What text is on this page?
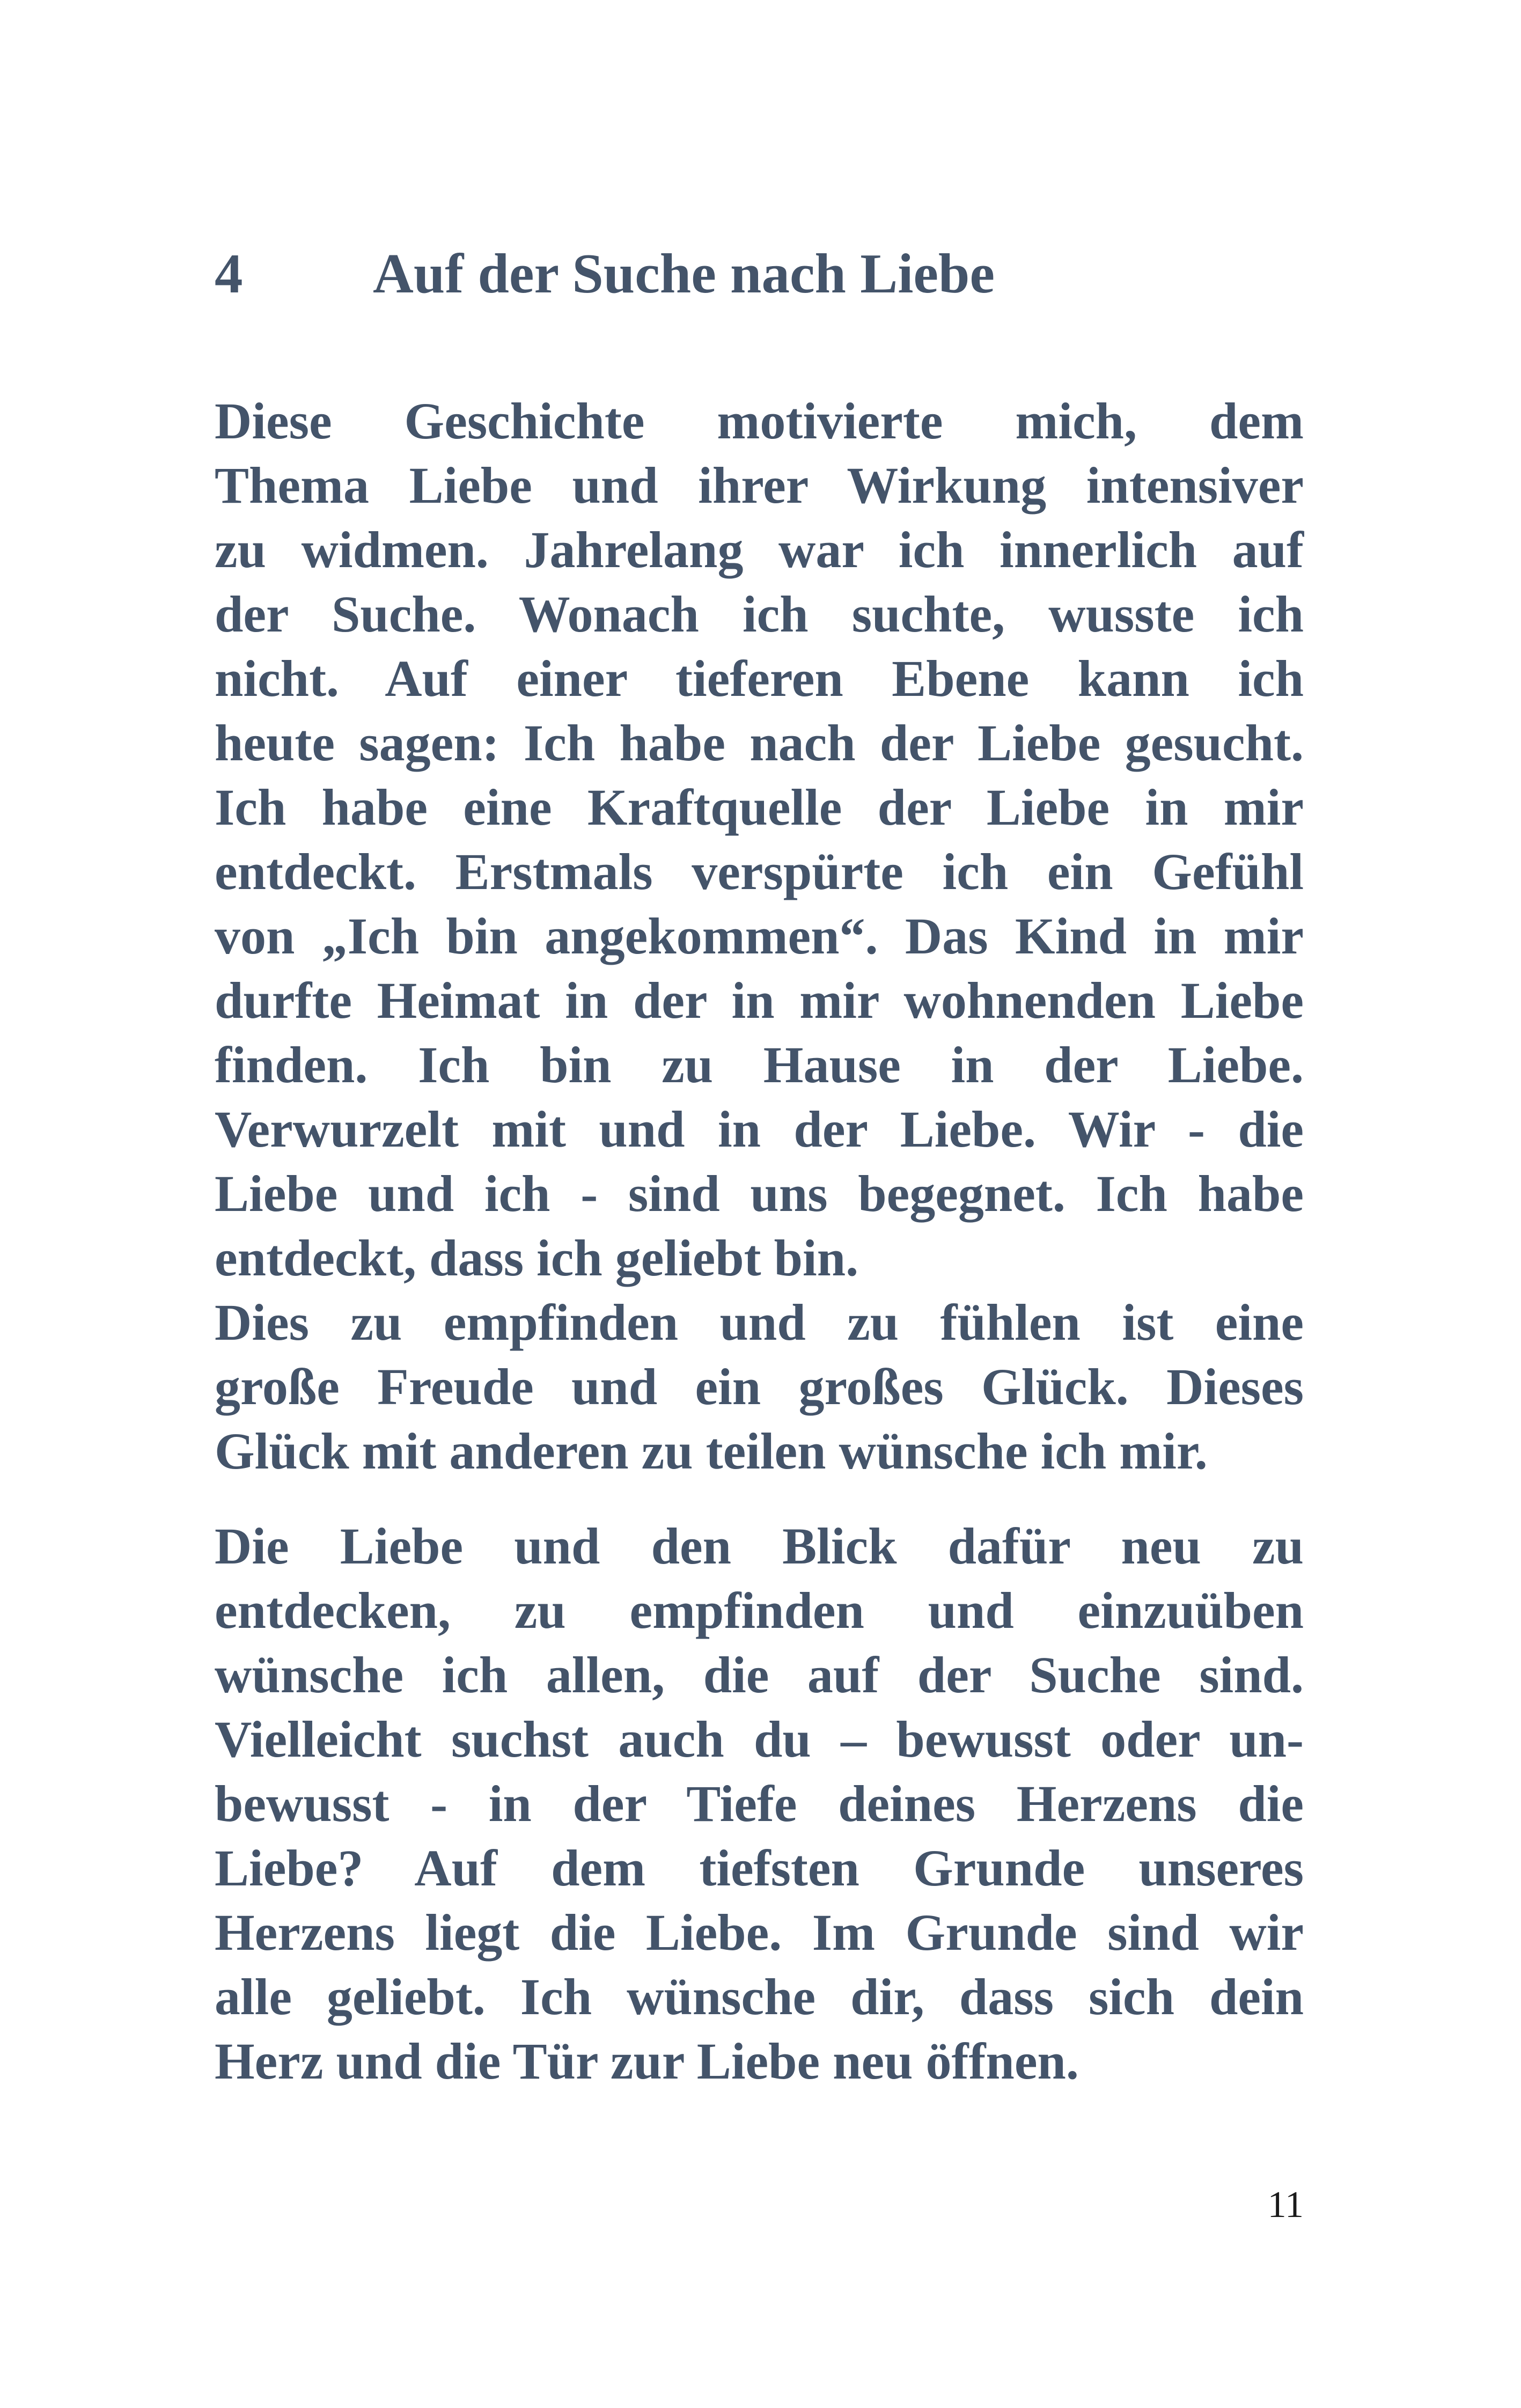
4	Auf der Suche nach Liebe
Diese Geschichte motivierte mich, dem
Thema Liebe und ihrer Wirkung intensiver
zu widmen. Jahrelang war ich innerlich auf
der Suche. Wonach ich suchte, wusste ich
nicht. Auf einer tieferen Ebene kann ich
heute sagen: Ich habe nach der Liebe gesucht.
Ich habe eine Kraftquelle der Liebe in mir
entdeckt. Erstmals verspürte ich ein Gefühl
von „Ich bin angekommen“. Das Kind in mir
durfte Heimat in der in mir wohnenden Liebe
finden. Ich bin zu Hause in der Liebe.
Verwurzelt mit und in der Liebe. Wir - die
Liebe und ich - sind uns begegnet. Ich habe
entdeckt, dass ich geliebt bin.
Dies zu empfinden und zu fühlen ist eine
große Freude und ein großes Glück. Dieses
Glück mit anderen zu teilen wünsche ich mir.
Die Liebe und den Blick dafür neu zu
entdecken, zu empfinden und einzuüben
wünsche ich allen, die auf der Suche sind.
Vielleicht suchst auch du – bewusst oder un-
bewusst - in der Tiefe deines Herzens die
Liebe? Auf dem tiefsten Grunde unseres
Herzens liegt die Liebe. Im Grunde sind wir
alle geliebt. Ich wünsche dir, dass sich dein
Herz und die Tür zur Liebe neu öffnen.
11
